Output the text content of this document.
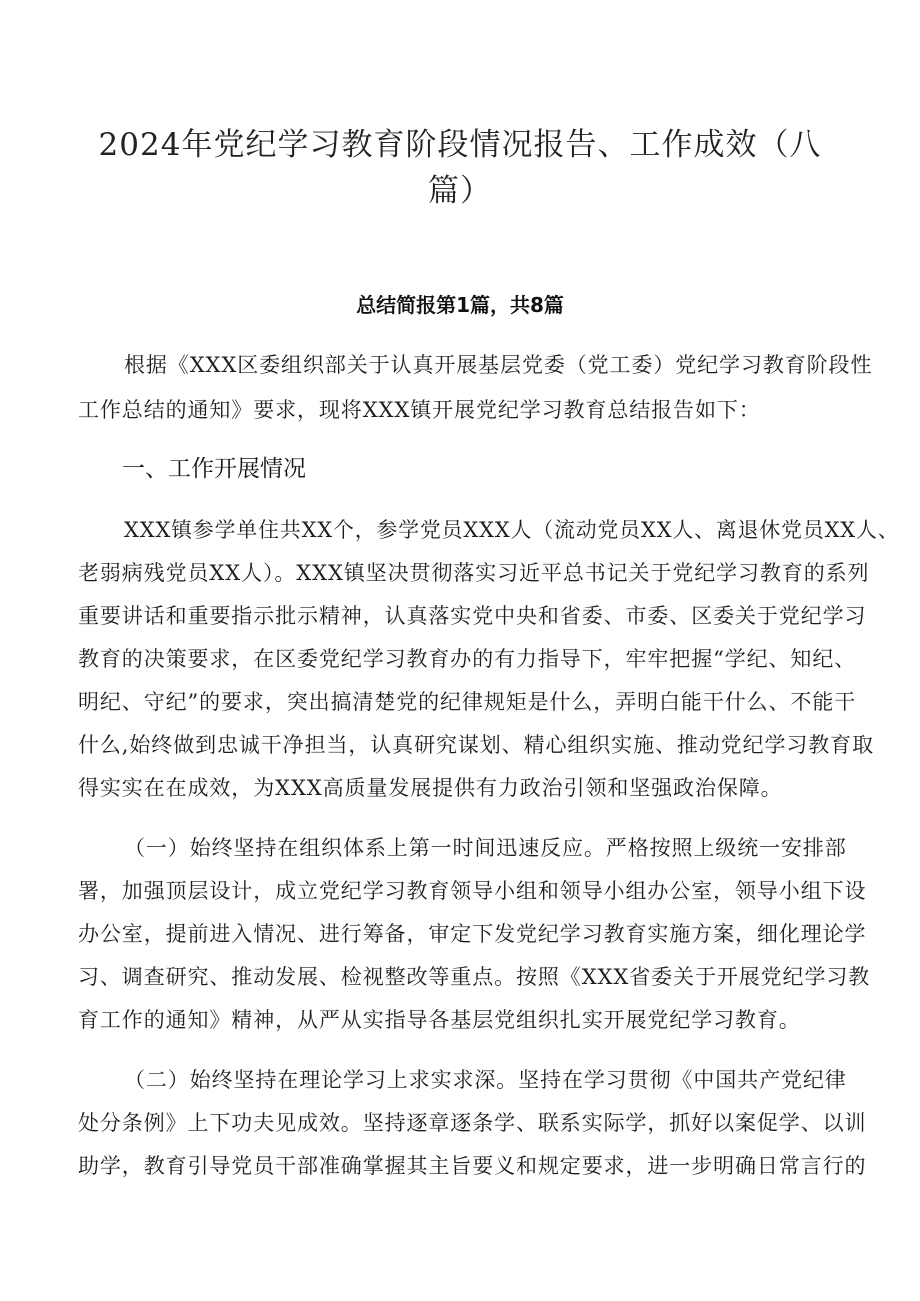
2024年党纪学习教育阶段情况报告、工作成效（八
篇）
总结简报第1篇，共8篇
根据《XXX区委组织部关于认真开展基层党委（党工委）党纪学习教育阶段性
工作总结的通知》要求，现将XXX镇开展党纪学习教育总结报告如下：
一、工作开展情况
XXX镇参学单住共XX个，参学党员XXX人（流动党员XX人、离退休党员XX人、
老弱病残党员XX人）。XXX镇坚决贯彻落实习近平总书记关于党纪学习教育的系列
重要讲话和重要指示批示精神，认真落实党中央和省委、市委、区委关于党纪学习
教育的决策要求，在区委党纪学习教育办的有力指导下，牢牢把握“学纪、知纪、
明纪、守纪”的要求，突出搞清楚党的纪律规矩是什么，弄明白能干什么、不能干
什么,始终做到忠诚干净担当，认真研究谋划、精心组织实施、推动党纪学习教育取
得实实在在成效，为XXX高质量发展提供有力政治引领和坚强政治保障。
（一）始终坚持在组织体系上第一时间迅速反应。严格按照上级统一安排部
署，加强顶层设计，成立党纪学习教育领导小组和领导小组办公室，领导小组下设
办公室，提前进入情况、进行筹备，审定下发党纪学习教育实施方案，细化理论学
习、调查研究、推动发展、检视整改等重点。按照《XXX省委关于开展党纪学习教
育工作的通知》精神，从严从实指导各基层党组织扎实开展党纪学习教育。
（二）始终坚持在理论学习上求实求深。坚持在学习贯彻《中国共产党纪律
处分条例》上下功夫见成效。坚持逐章逐条学、联系实际学，抓好以案促学、以训
助学，教育引导党员干部准确掌握其主旨要义和规定要求，进一步明确日常言行的
